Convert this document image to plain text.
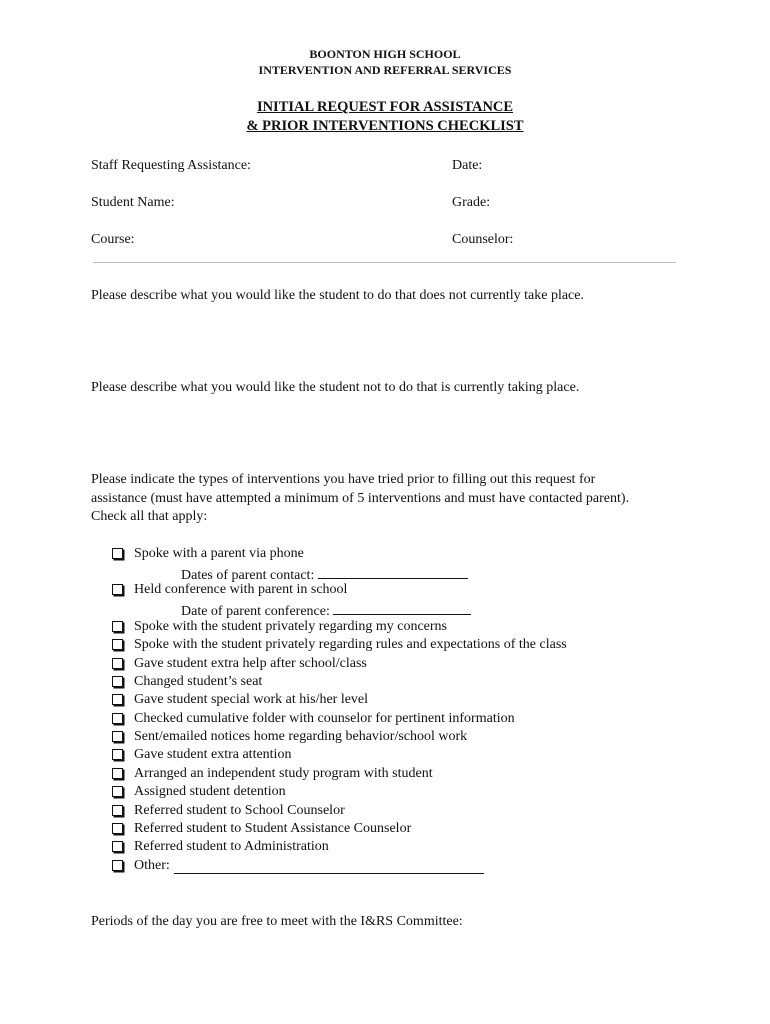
BOONTON HIGH SCHOOL
INTERVENTION AND REFERRAL SERVICES
INITIAL REQUEST FOR ASSISTANCE
& PRIOR INTERVENTIONS CHECKLIST
Staff Requesting Assistance:	Date:
Student Name:	Grade:
Course:	Counselor:
Please describe what you would like the student to do that does not currently take place.
Please describe what you would like the student not to do that is currently taking place.
Please indicate the types of interventions you have tried prior to filling out this request for
assistance (must have attempted a minimum of 5 interventions and must have contacted parent).
Check all that apply:
Spoke with a parent via phone
Dates of parent contact:
Held conference with parent in school
Date of parent conference:
Spoke with the student privately regarding my concerns
Spoke with the student privately regarding rules and expectations of the class
Gave student extra help after school/class
Changed student’s seat
Gave student special work at his/her level
Checked cumulative folder with counselor for pertinent information
Sent/emailed notices home regarding behavior/school work
Gave student extra attention
Arranged an independent study program with student
Assigned student detention
Referred student to School Counselor
Referred student to Student Assistance Counselor
Referred student to Administration
Other:
Periods of the day you are free to meet with the I&RS Committee:
